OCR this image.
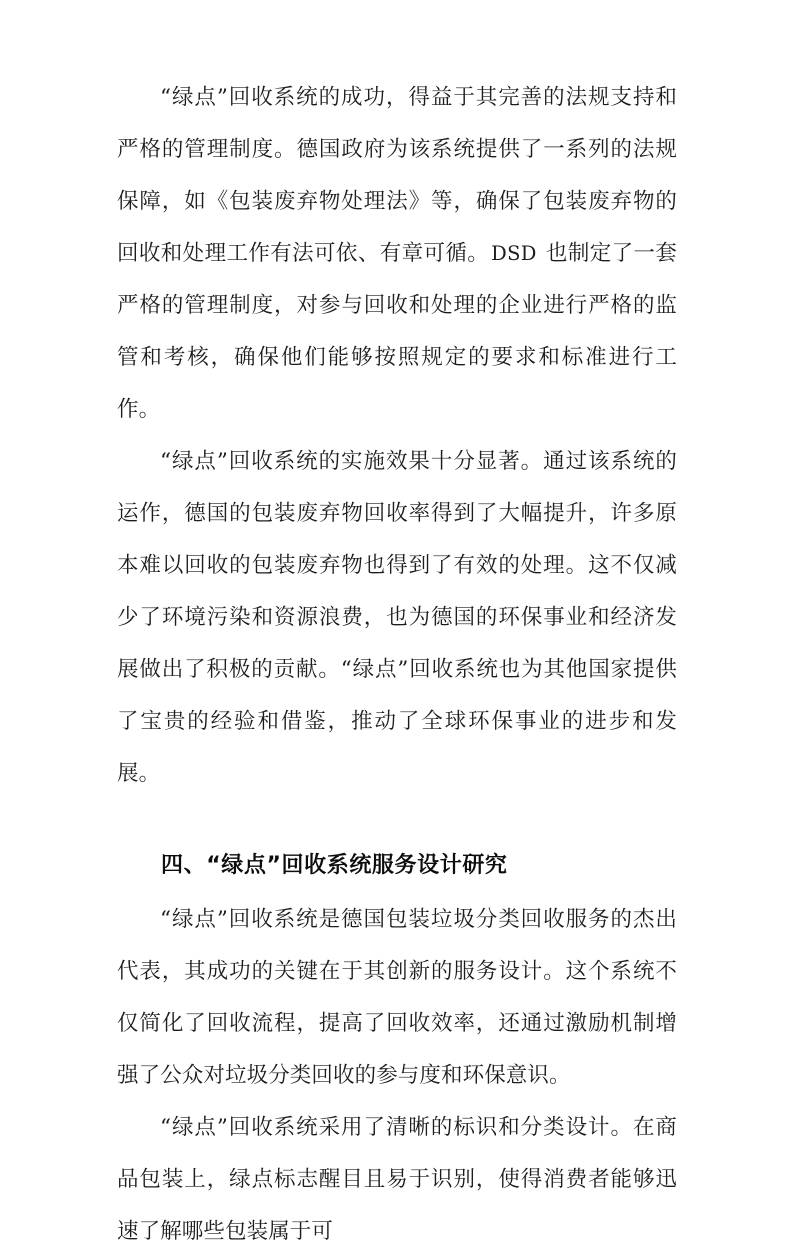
“绿点”回收系统的成功，得益于其完善的法规支持和严格的管理制度。德国政府为该系统提供了一系列的法规保障，如《包装废弃物处理法》等，确保了包装废弃物的回收和处理工作有法可依、有章可循。 DSD 也制定了一套严格的管理制度，对参与回收和处理的企业进行严格的监管和考核，确保他们能够按照规定的要求和标准进行工作。

“绿点”回收系统的实施效果十分显著。通过该系统的运作，德国的包装废弃物回收率得到了大幅提升，许多原本难以回收的包装废弃物也得到了有效的处理。这不仅减少了环境污染和资源浪费，也为德国的环保事业和经济发展做出了积极的贡献。“绿点”回收系统也为其他国家提供了宝贵的经验和借鉴，推动了全球环保事业的进步和发展。

四、“绿点”回收系统服务设计研究

“绿点”回收系统是德国包装垃圾分类回收服务的杰出代表，其成功的关键在于其创新的服务设计。这个系统不仅简化了回收流程，提高了回收效率，还通过激励机制增强了公众对垃圾分类回收的参与度和环保意识。

“绿点”回收系统采用了清晰的标识和分类设计。在商品包装上，绿点标志醒目且易于识别，使得消费者能够迅速了解哪些包装属于可
